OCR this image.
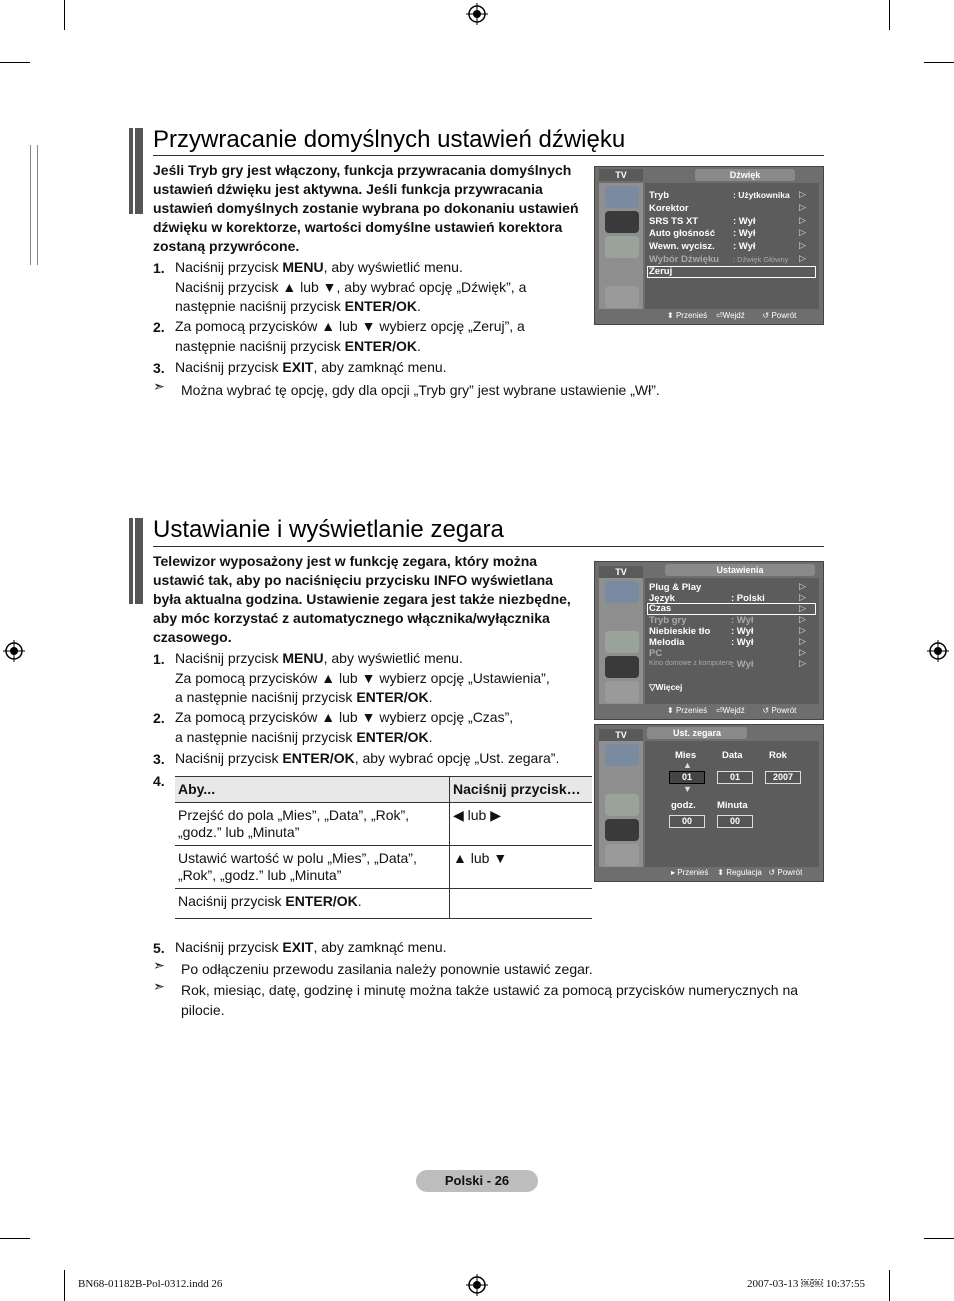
Przywracanie domyślnych ustawień dźwięku
Jeśli Tryb gry jest włączony, funkcja przywracania domyślnych
ustawień dźwięku jest aktywna. Jeśli funkcja przywracania
ustawień domyślnych zostanie wybrana po dokonaniu ustawień
dźwięku w korektorze, wartości domyślne ustawień korektora
zostaną przywrócone.
1. Naciśnij przycisk MENU, aby wyświetlić menu.
Naciśnij przycisk ▲ lub ▼, aby wybrać opcję „Dźwięk”, a
następnie naciśnij przycisk ENTER/OK.
2. Za pomocą przycisków ▲ lub ▼ wybierz opcję „Zeruj”, a
następnie naciśnij przycisk ENTER/OK.
3. Naciśnij przycisk EXIT, aby zamknąć menu.
➣ Można wybrać tę opcję, gdy dla opcji „Tryb gry” jest wybrane ustawienie „Wł”.
TV	Dźwięk
Tryb	: Użytkownika ▷
Korektor	▷
SRS TS XT	: Wył	▷
Auto głośność : Wył	▷
Wewn. wycisz. : Wył	▷
Wybór Dźwięku : Dźwięk Główny ▷
Zeruj
⬍ Przenieś ⏎Wejdź ↺ Powrót
Ustawianie i wyświetlanie zegara
Telewizor wyposażony jest w funkcję zegara, który można
ustawić tak, aby po naciśnięciu przycisku INFO wyświetlana
była aktualna godzina. Ustawienie zegara jest także niezbędne,
aby móc korzystać z automatycznego włącznika/wyłącznika
czasowego.
1. Naciśnij przycisk MENU, aby wyświetlić menu.
Za pomocą przycisków ▲ lub ▼ wybierz opcję „Ustawienia”,
a następnie naciśnij przycisk ENTER/OK.
2. Za pomocą przycisków ▲ lub ▼ wybierz opcję „Czas”,
a następnie naciśnij przycisk ENTER/OK.
3. Naciśnij przycisk ENTER/OK, aby wybrać opcję „Ust. zegara”.
4. Aby...	Naciśnij przycisk…
Przejść do pola „Mies”, „Data”, „Rok”, „godz.” lub „Minuta”	◀ lub ▶
Ustawić wartość w polu „Mies”, „Data”, „Rok”, „godz.” lub „Minuta”	▲ lub ▼
Naciśnij przycisk ENTER/OK.	
5. Naciśnij przycisk EXIT, aby zamknąć menu.
➣ Po odłączeniu przewodu zasilania należy ponownie ustawić zegar.
➣ Rok, miesiąc, datę, godzinę i minutę można także ustawić za pomocą przycisków numerycznych na
pilocie.
TV	Ustawienia
Plug & Play	▷
Język	: Polski	▷
Czas	▷
Tryb gry	: Wył	▷
Niebieskie tło : Wył	▷
Melodia	: Wył	▷
PC	▷
Kino domowe z komputera : Wył	▷
▽Więcej
⬍ Przenieś ⏎Wejdź ↺ Powrót
TV	Ust. zegara
Mies	Data	Rok
▲
01	01	2007
▼
godz. Minuta
00	00
▸ Przenieś ⬍ Regulacja ↺ Powrót
Polski - 26
BN68-01182B-Pol-0312.indd 26	2007-03-13 ￼￼ 10:37:55
